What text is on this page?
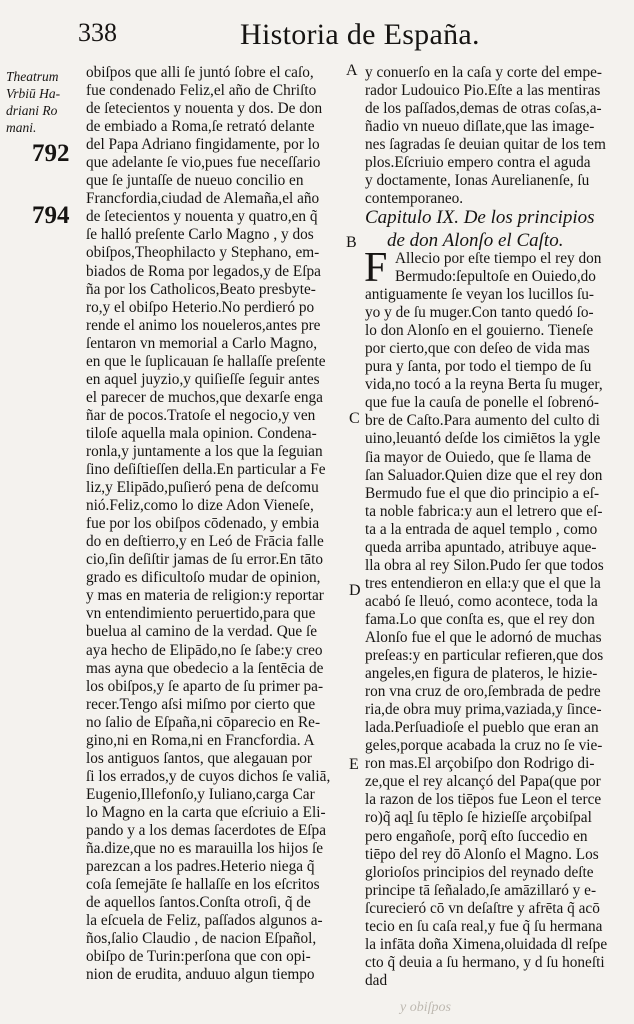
338	Historia de España.
Theatrum
Vrbiū Ha-
driani Ro
mani.
792
794
A
B
C
D
E
obiſpos que alli ſe juntó ſobre el caſo,
fue condenado Feliz,el año de Chriſto
de ſetecientos y nouenta y dos. De don
de embiado a Roma,ſe retrató delante
del Papa Adriano fingidamente, por lo
que adelante ſe vio,pues fue neceſſario
que ſe juntaſſe de nueuo concilio en
Francfordia,ciudad de Alemaña,el año
de ſetecientos y nouenta y quatro,en q̃
ſe halló preſente Carlo Magno , y dos
obiſpos,Theophilacto y Stephano, em-
biados de Roma por legados,y de Eſpa
ña por los Catholicos,Beato presbyte-
ro,y el obiſpo Heterio.No perdieró po
rende el animo los noueleros,antes pre
ſentaron vn memorial a Carlo Magno,
en que le ſuplicauan ſe hallaſſe preſente
en aquel juyzio,y quiſieſſe ſeguir antes
el parecer de muchos,que dexarſe enga
ñar de pocos.Tratoſe el negocio,y ven
tiloſe aquella mala opinion. Condena-
ronla,y juntamente a los que la ſeguian
ſino deſiſtieſſen della.En particular a Fe
liz,y Elipādo,puſieró pena de deſcomu
nió.Feliz,como lo dize Adon Vieneſe,
fue por los obiſpos cōdenado, y embia
do en deſtierro,y en Leó de Frācia falle
cio,ſin deſiſtir jamas de ſu error.En tāto
grado es dificultoſo mudar de opinion,
y mas en materia de religion:y reportar
vn entendimiento peruertido,para que
buelua al camino de la verdad. Que ſe
aya hecho de Elipādo,no ſe ſabe:y creo
mas ayna que obedecio a la ſentēcia de
los obiſpos,y ſe aparto de ſu primer pa-
recer.Tengo aſsi miſmo por cierto que
no ſalio de Eſpaña,ni cōparecio en Re-
gino,ni en Roma,ni en Francfordia. A
los antiguos ſantos, que alegauan por
ſi los errados,y de cuyos dichos ſe valiā,
Eugenio,Illefonſo,y Iuliano,carga Car
lo Magno en la carta que eſcriuio a Eli-
pando y a los demas ſacerdotes de Eſpa
ña.dize,que no es marauilla los hijos ſe
parezcan a los padres.Heterio niega q̃
coſa ſemejāte ſe hallaſſe en los eſcritos
de aquellos ſantos.Conſta otroſi, q̃ de
la eſcuela de Feliz, paſſados algunos a-
ños,ſalio Claudio , de nacion Eſpañol,
obiſpo de Turin:perſona que con opi-
nion de erudita, anduuo algun tiempo
y conuerſo en la caſa y corte del empe-
rador Ludouico Pio.Eſte a las mentiras
de los paſſados,demas de otras coſas,a-
ñadio vn nueuo diſlate,que las image-
nes ſagradas ſe deuian quitar de los tem
plos.Eſcriuio empero contra el aguda
y doctamente, Ionas Aurelianenſe, ſu
contemporaneo.
Capitulo IX. De los principios
de don Alonſo el Caſto.
F Allecio por eſte tiempo el rey don
Bermudo:ſepultoſe en Ouiedo,do
antiguamente ſe veyan los lucillos ſu-
yo y de ſu muger.Con tanto quedó ſo-
lo don Alonſo en el gouierno. Tieneſe
por cierto,que con deſeo de vida mas
pura y ſanta, por todo el tiempo de ſu
vida,no tocó a la reyna Berta ſu muger,
que fue la cauſa de ponelle el ſobrenó-
bre de Caſto.Para aumento del culto di
uino,leuantó deſde los cimiētos la ygle
ſia mayor de Ouiedo, que ſe llama de
ſan Saluador.Quien dize que el rey don
Bermudo fue el que dio principio a eſ-
ta noble fabrica:y aun el letrero que eſ-
ta a la entrada de aquel templo , como
queda arriba apuntado, atribuye aque-
lla obra al rey Silon.Pudo ſer que todos
tres entendieron en ella:y que el que la
acabó ſe lleuó, como acontece, toda la
fama.Lo que conſta es, que el rey don
Alonſo fue el que le adornó de muchas
preſeas:y en particular refieren,que dos
angeles,en figura de plateros, le hizie-
ron vna cruz de oro,ſembrada de pedre
ria,de obra muy prima,vaziada,y ſince-
lada.Perſuadioſe el pueblo que eran an
geles,porque acabada la cruz no ſe vie-
ron mas.El arçobiſpo don Rodrigo di-
ze,que el rey alcançó del Papa(que por
la razon de los tiēpos fue Leon el terce
ro)q̃ aqḻ ſu tēplo ſe hizieſſe arçobiſpal
pero engañoſe, porq̃ eſto ſuccedio en
tiēpo del rey dō Alonſo el Magno. Los
glorioſos principios del reynado deſte
principe tā ſeñalado,ſe amāzillaró y e-
ſcurecieró cō vn deſaſtre y afrēta q̃ acō
tecio en ſu caſa real,y fue q̃ ſu hermana
la infāta doña Ximena,oluidada dl reſpe
cto q̃ deuia a ſu hermano, y d ſu honeſti
dad
y obiſpos
